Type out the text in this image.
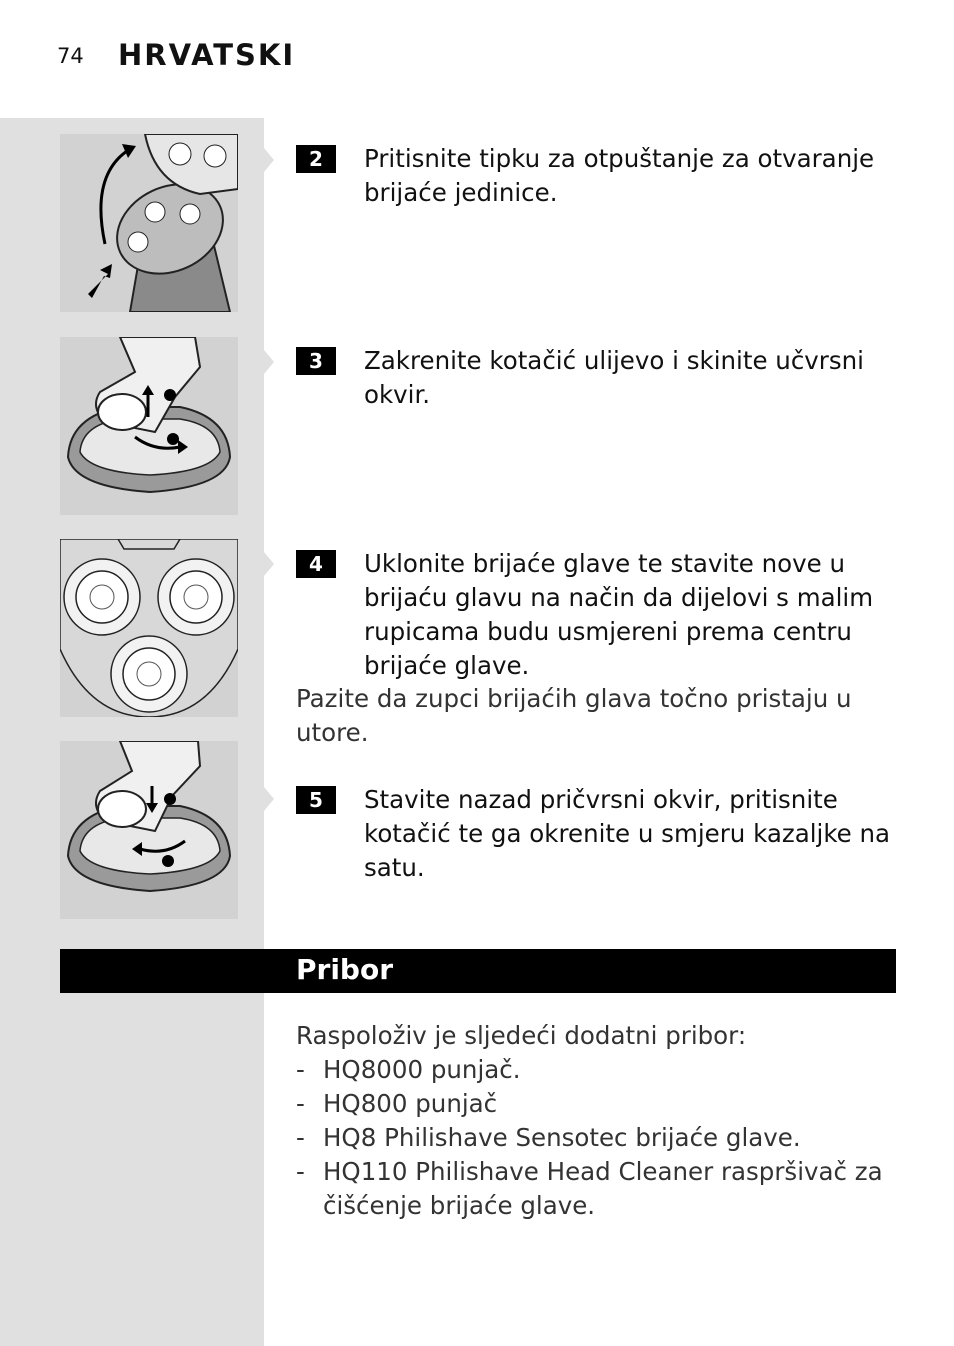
74 HRVATSKI
2	Pritisnite tipku za otpuštanje za otvaranje brijaće jedinice.
3	Zakrenite kotačić ulijevo i skinite učvrsni okvir.
4	Uklonite brijaće glave te stavite nove u brijaću glavu na način da dijelovi s malim rupicama budu usmjereni prema centru brijaće glave.
Pazite da zupci brijaćih glava točno pristaju u utore.
5	Stavite nazad pričvrsni okvir, pritisnite kotačić te ga okrenite u smjeru kazaljke na satu.
Pribor
Raspoloživ je sljedeći dodatni pribor:
- HQ8000 punjač.
- HQ800 punjač
- HQ8 Philishave Sensotec brijaće glave.
- HQ110 Philishave Head Cleaner raspršivač za čišćenje brijaće glave.
